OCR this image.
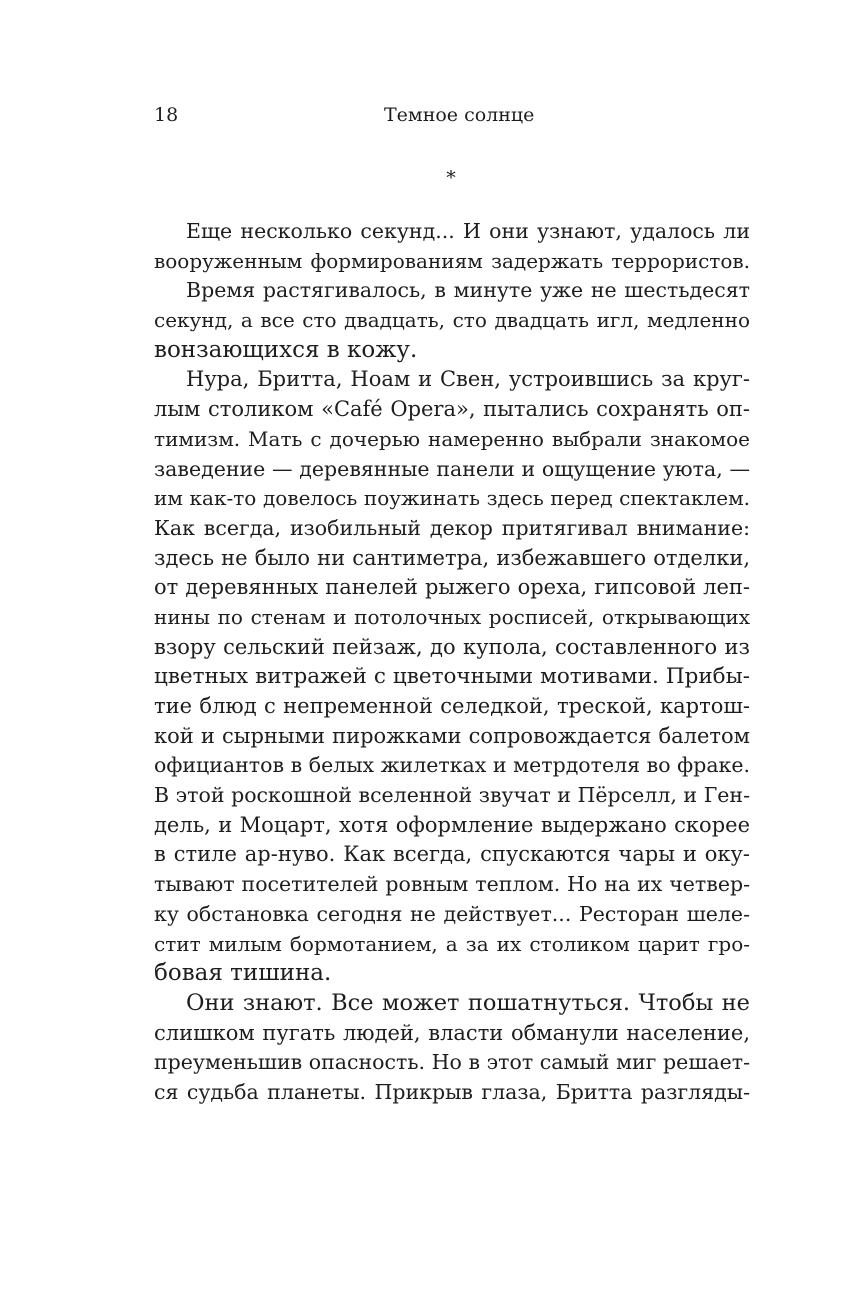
18	Темное солнце
*
Еще несколько секунд... И они узнают, удалось ли
вооруженным формированиям задержать террористов.
Время растягивалось, в минуте уже не шестьдесят
секунд, а все сто двадцать, сто двадцать игл, медленно
вонзающихся в кожу.
Нура, Бритта, Ноам и Свен, устроившись за круг-
лым столиком «Café Opera», пытались сохранять оп-
тимизм. Мать с дочерью намеренно выбрали знакомое
заведение — деревянные панели и ощущение уюта, —
им как-то довелось поужинать здесь перед спектаклем.
Как всегда, изобильный декор притягивал внимание:
здесь не было ни сантиметра, избежавшего отделки,
от деревянных панелей рыжего ореха, гипсовой леп-
нины по стенам и потолочных росписей, открывающих
взору сельский пейзаж, до купола, составленного из
цветных витражей с цветочными мотивами. Прибы-
тие блюд с непременной селедкой, треской, картош-
кой и сырными пирожками сопровождается балетом
официантов в белых жилетках и метрдотеля во фраке.
В этой роскошной вселенной звучат и Пёрселл, и Ген-
дель, и Моцарт, хотя оформление выдержано скорее
в стиле ар-нуво. Как всегда, спускаются чары и оку-
тывают посетителей ровным теплом. Но на их четвер-
ку обстановка сегодня не действует... Ресторан шеле-
стит милым бормотанием, а за их столиком царит гро-
бовая тишина.
Они знают. Все может пошатнуться. Чтобы не
слишком пугать людей, власти обманули население,
преуменьшив опасность. Но в этот самый миг решает-
ся судьба планеты. Прикрыв глаза, Бритта разгляды-
